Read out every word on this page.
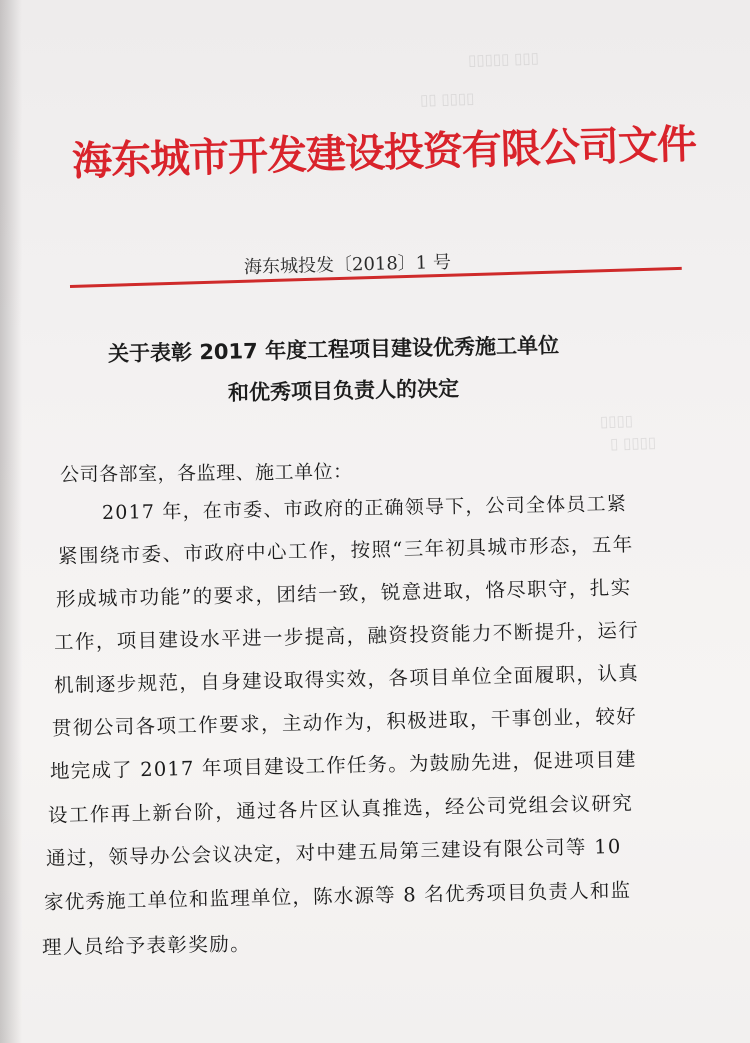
▯▯▯▯▯ ▯▯▯
▯▯ ▯▯▯▯
▯▯▯▯
▯ ▯▯▯▯
海东城市开发建设投资有限公司文件
海东城投发〔2018〕1 号
关于表彰 2017 年度工程项目建设优秀施工单位
和优秀项目负责人的决定
公司各部室，各监理、施工单位：
2017 年，在市委、市政府的正确领导下，公司全体员工紧
紧围绕市委、市政府中心工作，按照“三年初具城市形态，五年
形成城市功能”的要求，团结一致，锐意进取，恪尽职守，扎实
工作，项目建设水平进一步提高，融资投资能力不断提升，运行
机制逐步规范，自身建设取得实效，各项目单位全面履职，认真
贯彻公司各项工作要求，主动作为，积极进取，干事创业，较好
地完成了 2017 年项目建设工作任务。为鼓励先进，促进项目建
设工作再上新台阶，通过各片区认真推选，经公司党组会议研究
通过，领导办公会议决定，对中建五局第三建设有限公司等 10
家优秀施工单位和监理单位，陈水源等 8 名优秀项目负责人和监
理人员给予表彰奖励。
